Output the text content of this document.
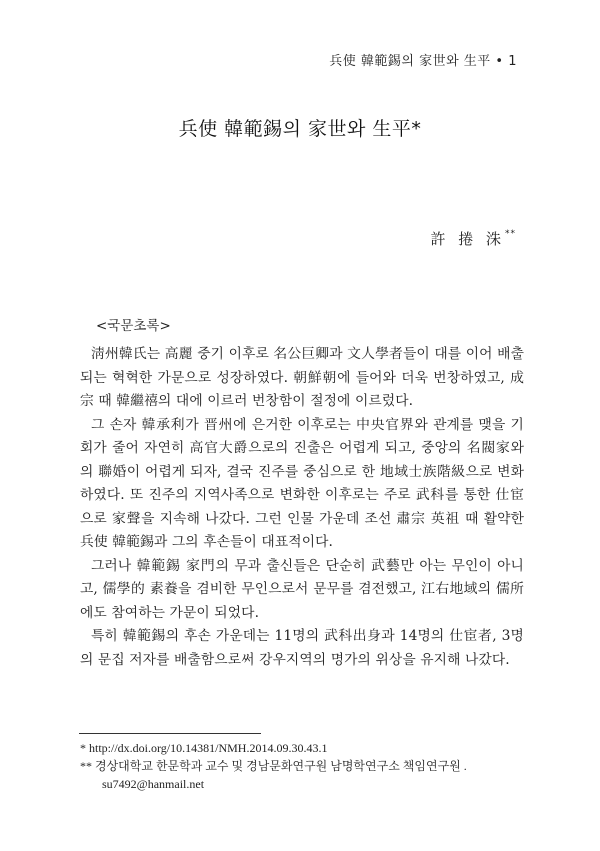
兵使 韓範錫의 家世와 生平 • 1
兵使 韓範錫의 家世와 生平*
許 捲 洙**
<국문초록>

淸州韓氏는 高麗 중기 이후로 名公巨卿과 文人學者들이 대를 이어 배출되는 혁혁한 가문으로 성장하였다. 朝鮮朝에 들어와 더욱 번창하였고, 成宗 때 韓繼禧의 대에 이르러 번창함이 절정에 이르렀다.

그 손자 韓承利가 晋州에 은거한 이후로는 中央官界와 관계를 맺을 기회가 줄어 자연히 高官大爵으로의 진출은 어렵게 되고, 중앙의 名閥家와의 聯婚이 어렵게 되자, 결국 진주를 중심으로 한 地域士族階級으로 변화하였다. 또 진주의 지역사족으로 변화한 이후로는 주로 武科를 통한 仕宦으로 家聲을 지속해 나갔다. 그런 인물 가운데 조선 肅宗 英祖 때 활약한 兵使 韓範錫과 그의 후손들이 대표적이다.

그러나 韓範錫 家門의 무과 출신들은 단순히 武藝만 아는 무인이 아니고, 儒學的 素養을 겸비한 무인으로서 문무를 겸전했고, 江右地域의 儒所에도 참여하는 가문이 되었다.

특히 韓範錫의 후손 가운데는 11명의 武科出身과 14명의 仕宦者, 3명의 문집 저자를 배출함으로써 강우지역의 명가의 위상을 유지해 나갔다.

* http://dx.doi.org/10.14381/NMH.2014.09.30.43.1
** 경상대학교 한문학과 교수 및 경남문화연구원 남명학연구소 책임연구원 .
su7492@hanmail.net
